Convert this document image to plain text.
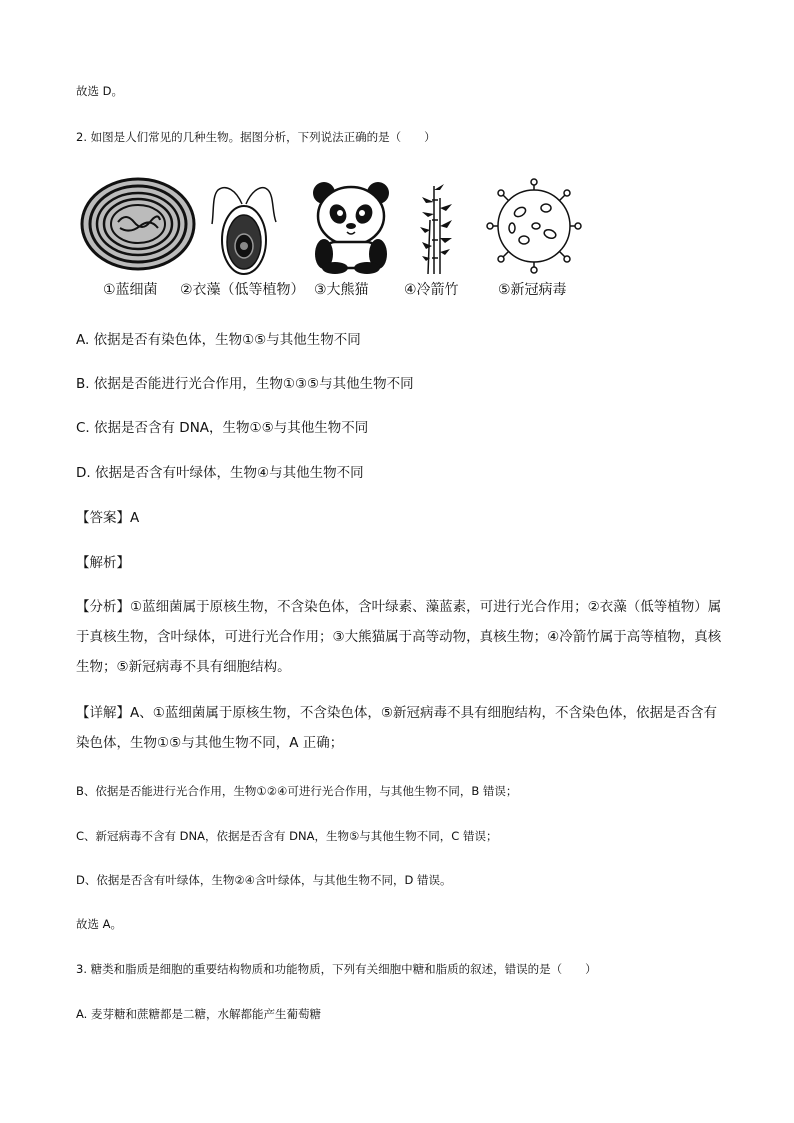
故选 D。
2. 如图是人们常见的几种生物。据图分析，下列说法正确的是（　　）
①蓝细菌 ②衣藻（低等植物） ③大熊猫	④冷箭竹	⑤新冠病毒
A. 依据是否有染色体，生物①⑤与其他生物不同
B. 依据是否能进行光合作用，生物①③⑤与其他生物不同
C. 依据是否含有 DNA，生物①⑤与其他生物不同
D. 依据是否含有叶绿体，生物④与其他生物不同
【答案】A
【解析】
【分析】①蓝细菌属于原核生物，不含染色体，含叶绿素、藻蓝素，可进行光合作用；②衣藻（低等植物）属于真核生物，含叶绿体，可进行光合作用；③大熊猫属于高等动物，真核生物；④冷箭竹属于高等植物，真核生物；⑤新冠病毒不具有细胞结构。
【详解】A、①蓝细菌属于原核生物，不含染色体，⑤新冠病毒不具有细胞结构，不含染色体，依据是否含有染色体，生物①⑤与其他生物不同，A 正确；
B、依据是否能进行光合作用，生物①②④可进行光合作用，与其他生物不同，B 错误；
C、新冠病毒不含有 DNA，依据是否含有 DNA，生物⑤与其他生物不同，C 错误；
D、依据是否含有叶绿体，生物②④含叶绿体，与其他生物不同，D 错误。
故选 A。
3. 糖类和脂质是细胞的重要结构物质和功能物质，下列有关细胞中糖和脂质的叙述，错误的是（　　）
A. 麦芽糖和蔗糖都是二糖，水解都能产生葡萄糖
